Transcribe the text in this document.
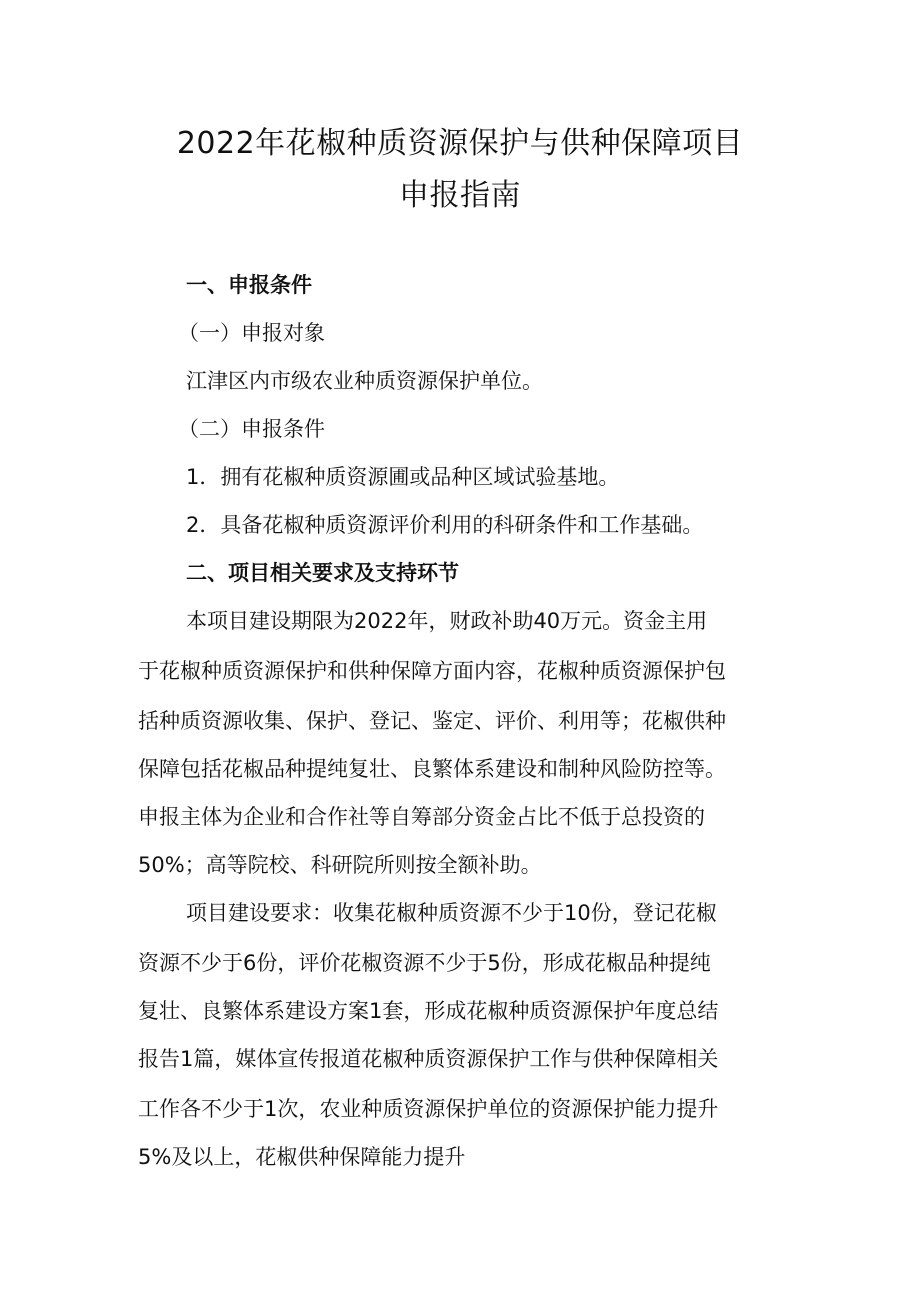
2022年花椒种质资源保护与供种保障项目
申报指南
一、申报条件
（一）申报对象
江津区内市级农业种质资源保护单位。
（二）申报条件
1．拥有花椒种质资源圃或品种区域试验基地。
2．具备花椒种质资源评价利用的科研条件和工作基础。
二、项目相关要求及支持环节
本项目建设期限为2022年，财政补助40万元。资金主用
于花椒种质资源保护和供种保障方面内容，花椒种质资源保护包
括种质资源收集、保护、登记、鉴定、评价、利用等；花椒供种
保障包括花椒品种提纯复壮、良繁体系建设和制种风险防控等。
申报主体为企业和合作社等自筹部分资金占比不低于总投资的
50%；高等院校、科研院所则按全额补助。
项目建设要求：收集花椒种质资源不少于10份，登记花椒
资源不少于6份，评价花椒资源不少于5份，形成花椒品种提纯
复壮、良繁体系建设方案1套，形成花椒种质资源保护年度总结
报告1篇，媒体宣传报道花椒种质资源保护工作与供种保障相关
工作各不少于1次，农业种质资源保护单位的资源保护能力提升
5%及以上，花椒供种保障能力提升
